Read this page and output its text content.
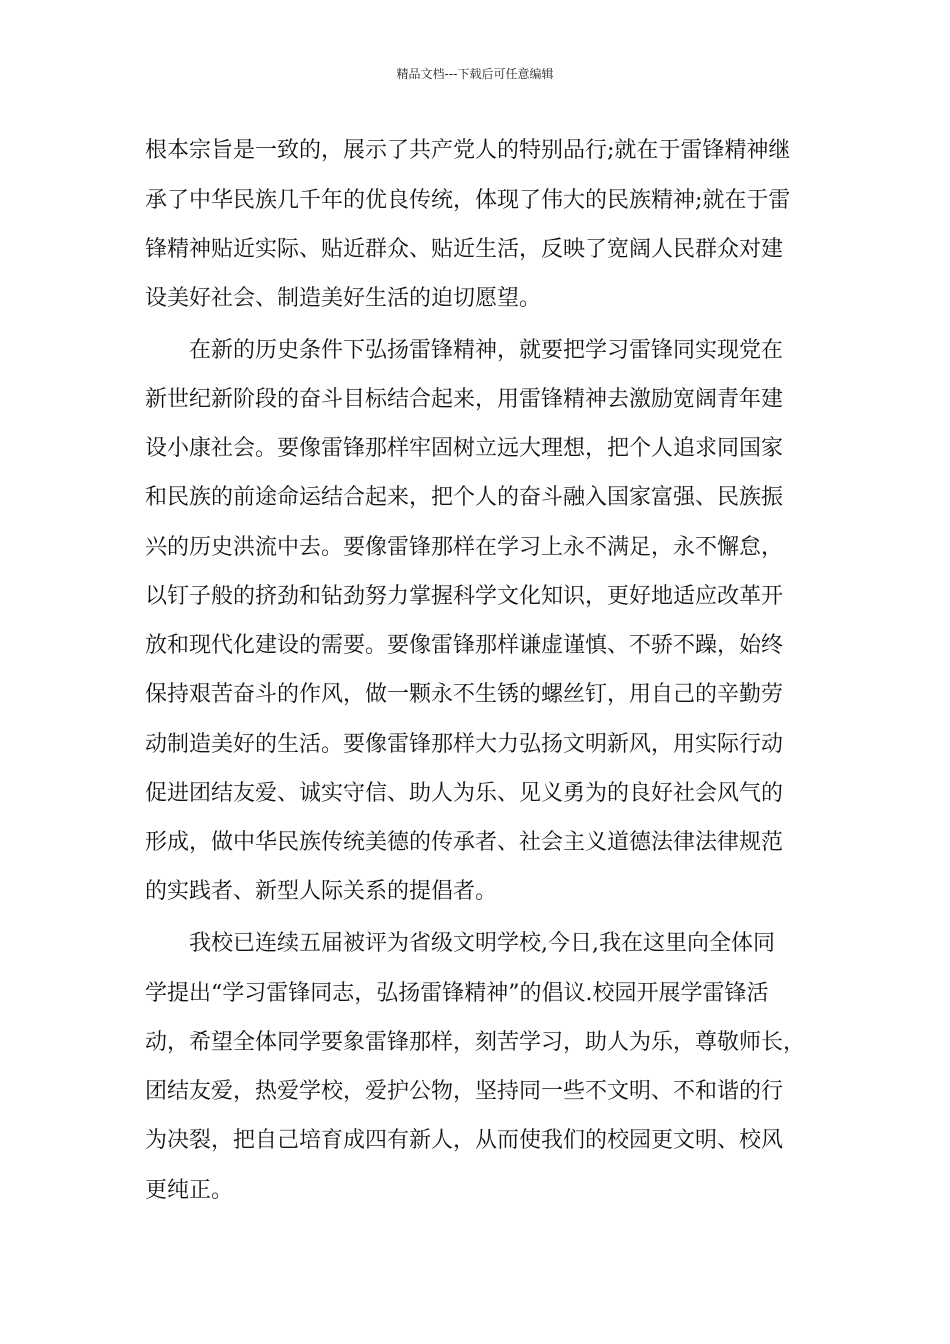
精品文档---下载后可任意编辑
根本宗旨是一致的，展示了共产党人的特别品行;就在于雷锋精神继
承了中华民族几千年的优良传统，体现了伟大的民族精神;就在于雷
锋精神贴近实际、贴近群众、贴近生活，反映了宽阔人民群众对建
设美好社会、制造美好生活的迫切愿望。
在新的历史条件下弘扬雷锋精神，就要把学习雷锋同实现党在
新世纪新阶段的奋斗目标结合起来，用雷锋精神去激励宽阔青年建
设小康社会。要像雷锋那样牢固树立远大理想，把个人追求同国家
和民族的前途命运结合起来，把个人的奋斗融入国家富强、民族振
兴的历史洪流中去。要像雷锋那样在学习上永不满足，永不懈怠，
以钉子般的挤劲和钻劲努力掌握科学文化知识，更好地适应改革开
放和现代化建设的需要。要像雷锋那样谦虚谨慎、不骄不躁，始终
保持艰苦奋斗的作风，做一颗永不生锈的螺丝钉，用自己的辛勤劳
动制造美好的生活。要像雷锋那样大力弘扬文明新风，用实际行动
促进团结友爱、诚实守信、助人为乐、见义勇为的良好社会风气的
形成，做中华民族传统美德的传承者、社会主义道德法律法律规范
的实践者、新型人际关系的提倡者。
我校已连续五届被评为省级文明学校,今日,我在这里向全体同
学提出“学习雷锋同志，弘扬雷锋精神”的倡议.校园开展学雷锋活
动，希望全体同学要象雷锋那样，刻苦学习，助人为乐，尊敬师长，
团结友爱，热爱学校，爱护公物，坚持同一些不文明、不和谐的行
为决裂，把自己培育成四有新人，从而使我们的校园更文明、校风
更纯正。
